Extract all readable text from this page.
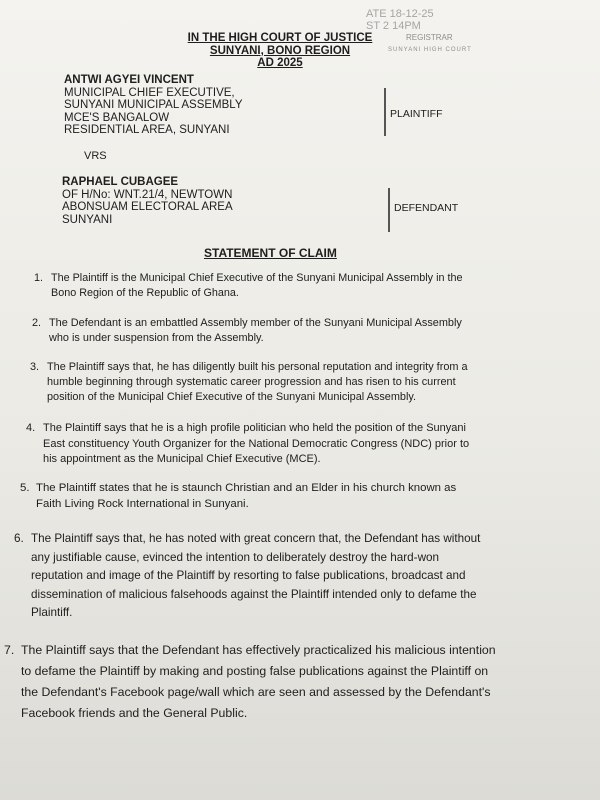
ATE 18-12-25
ST 2 14PM
REGISTRAR
SUNYANI HIGH COURT
IN THE HIGH COURT OF JUSTICE
SUNYANI, BONO REGION
AD 2025
ANTWI AGYEI VINCENT
MUNICIPAL CHIEF EXECUTIVE,
SUNYANI MUNICIPAL ASSEMBLY
MCE'S BANGALOW
RESIDENTIAL AREA, SUNYANI
PLAINTIFF
VRS
RAPHAEL CUBAGEE
OF H/No: WNT.21/4, NEWTOWN
ABONSUAM ELECTORAL AREA
SUNYANI
DEFENDANT
STATEMENT OF CLAIM
1. The Plaintiff is the Municipal Chief Executive of the Sunyani Municipal Assembly in the
Bono Region of the Republic of Ghana.
2. The Defendant is an embattled Assembly member of the Sunyani Municipal Assembly
who is under suspension from the Assembly.
3. The Plaintiff says that, he has diligently built his personal reputation and integrity from a
humble beginning through systematic career progression and has risen to his current
position of the Municipal Chief Executive of the Sunyani Municipal Assembly.
4. The Plaintiff says that he is a high profile politician who held the position of the Sunyani
East constituency Youth Organizer for the National Democratic Congress (NDC) prior to
his appointment as the Municipal Chief Executive (MCE).
5. The Plaintiff states that he is staunch Christian and an Elder in his church known as
Faith Living Rock International in Sunyani.
6. The Plaintiff says that, he has noted with great concern that, the Defendant has without
any justifiable cause, evinced the intention to deliberately destroy the hard-won
reputation and image of the Plaintiff by resorting to false publications, broadcast and
dissemination of malicious falsehoods against the Plaintiff intended only to defame the
Plaintiff.
7. The Plaintiff says that the Defendant has effectively practicalized his malicious intention
to defame the Plaintiff by making and posting false publications against the Plaintiff on
the Defendant's Facebook page/wall which are seen and assessed by the Defendant's
Facebook friends and the General Public.
